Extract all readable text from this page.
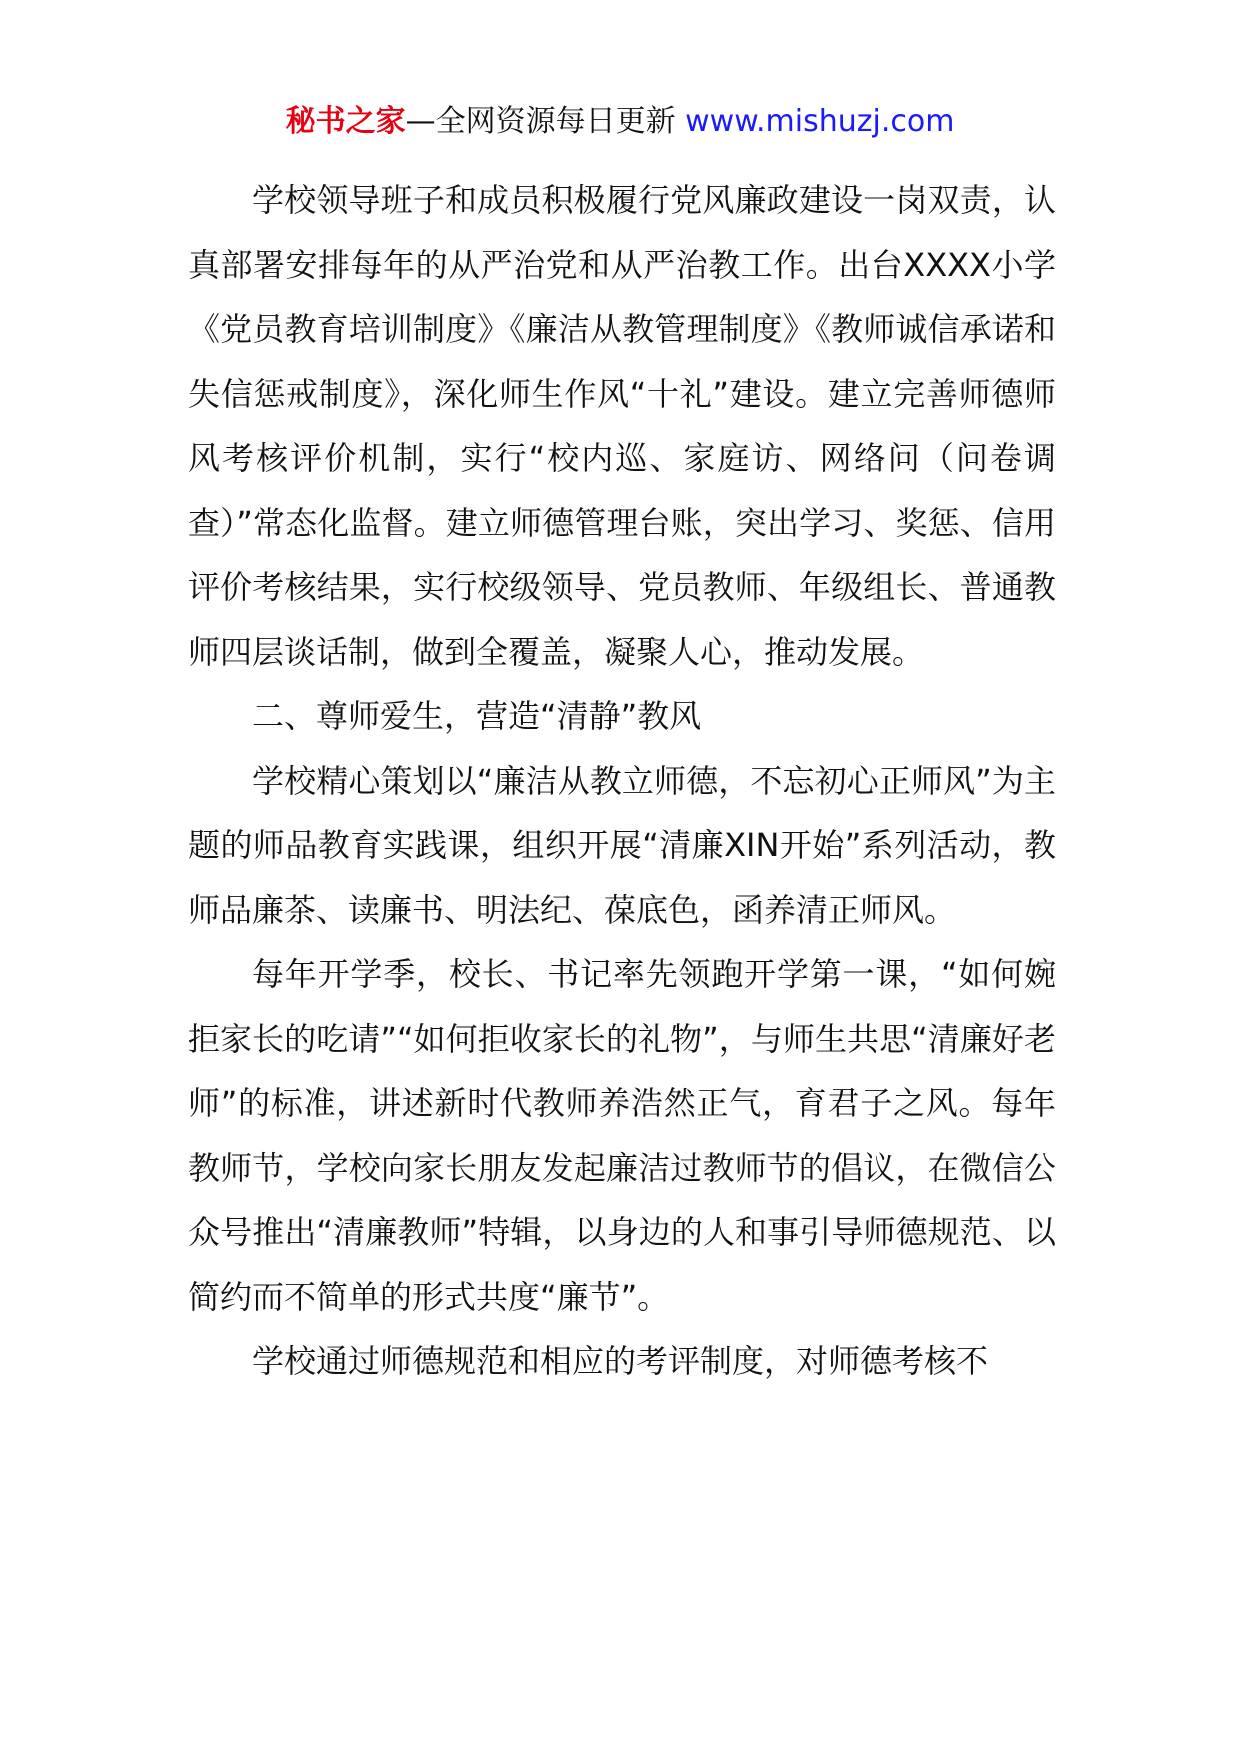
秘书之家—全网资源每日更新 www.mishuzj.com

学校领导班子和成员积极履行党风廉政建设一岗双责，认真部署安排每年的从严治党和从严治教工作。出台XXXX小学《党员教育培训制度》《廉洁从教管理制度》《教师诚信承诺和失信惩戒制度》，深化师生作风“十礼”建设。建立完善师德师风考核评价机制，实行“校内巡、家庭访、网络问（问卷调查）”常态化监督。建立师德管理台账，突出学习、奖惩、信用评价考核结果，实行校级领导、党员教师、年级组长、普通教师四层谈话制，做到全覆盖，凝聚人心，推动发展。

二、尊师爱生，营造“清静”教风

学校精心策划以“廉洁从教立师德，不忘初心正师风”为主题的师品教育实践课，组织开展“清廉XIN开始”系列活动，教师品廉茶、读廉书、明法纪、葆底色，函养清正师风。

每年开学季，校长、书记率先领跑开学第一课，“如何婉拒家长的吃请”“如何拒收家长的礼物”，与师生共思“清廉好老师”的标准，讲述新时代教师养浩然正气，育君子之风。每年教师节，学校向家长朋友发起廉洁过教师节的倡议，在微信公众号推出“清廉教师”特辑，以身边的人和事引导师德规范、以简约而不简单的形式共度“廉节”。

学校通过师德规范和相应的考评制度，对师德考核不
